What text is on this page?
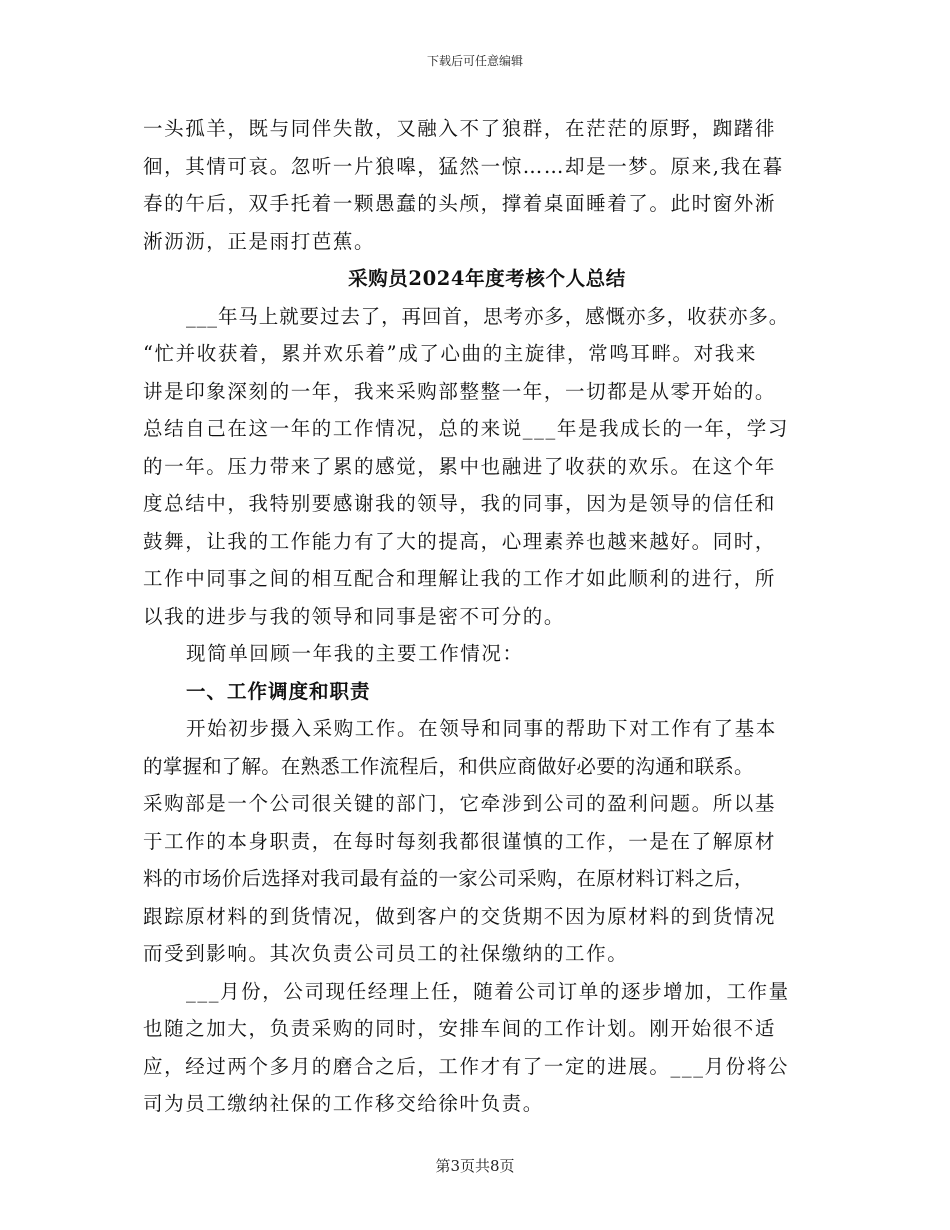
下载后可任意编辑
一头孤羊，既与同伴失散，又融入不了狼群，在茫茫的原野，踟躇徘
徊，其情可哀。忽听一片狼嗥，猛然一惊……却是一梦。原来,我在暮
春的午后，双手托着一颗愚蠢的头颅，撑着桌面睡着了。此时窗外淅
淅沥沥，正是雨打芭蕉。
采购员2024年度考核个人总结
___年马上就要过去了，再回首，思考亦多，感慨亦多，收获亦多。
“忙并收获着，累并欢乐着”成了心曲的主旋律，常鸣耳畔。对我来
讲是印象深刻的一年，我来采购部整整一年，一切都是从零开始的。
总结自己在这一年的工作情况，总的来说___年是我成长的一年，学习
的一年。压力带来了累的感觉，累中也融进了收获的欢乐。在这个年
度总结中，我特别要感谢我的领导，我的同事，因为是领导的信任和
鼓舞，让我的工作能力有了大的提高，心理素养也越来越好。同时，
工作中同事之间的相互配合和理解让我的工作才如此顺利的进行，所
以我的进步与我的领导和同事是密不可分的。
现简单回顾一年我的主要工作情况：
一、工作调度和职责
开始初步摄入采购工作。在领导和同事的帮助下对工作有了基本
的掌握和了解。在熟悉工作流程后，和供应商做好必要的沟通和联系。
采购部是一个公司很关键的部门，它牵涉到公司的盈利问题。所以基
于工作的本身职责，在每时每刻我都很谨慎的工作，一是在了解原材
料的市场价后选择对我司最有益的一家公司采购，在原材料订料之后，
跟踪原材料的到货情况，做到客户的交货期不因为原材料的到货情况
而受到影响。其次负责公司员工的社保缴纳的工作。
___月份，公司现任经理上任，随着公司订单的逐步增加，工作量
也随之加大，负责采购的同时，安排车间的工作计划。刚开始很不适
应，经过两个多月的磨合之后，工作才有了一定的进展。___月份将公
司为员工缴纳社保的工作移交给徐叶负责。
第3页共8页
